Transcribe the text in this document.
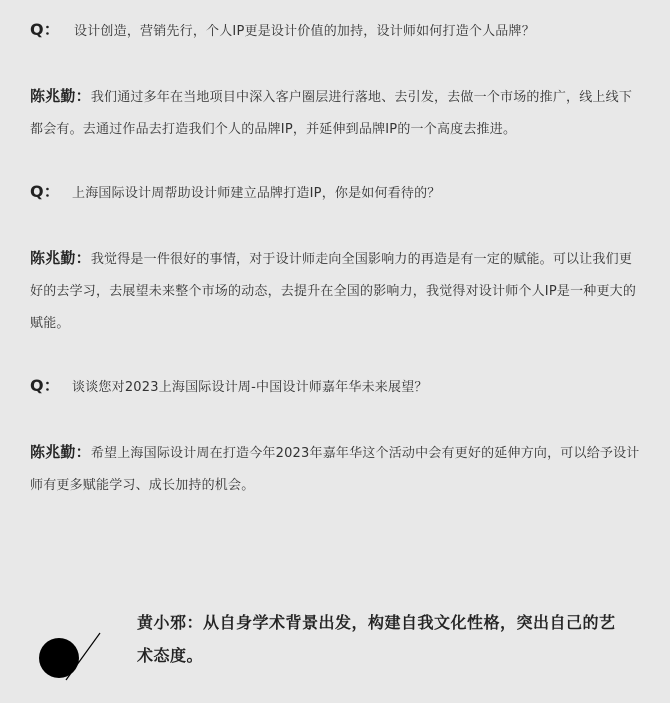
Q： 设计创造，营销先行，个人IP更是设计价值的加持，设计师如何打造个人品牌？
陈兆勤：我们通过多年在当地项目中深入客户圈层进行落地、去引发，去做一个市场的推广，线上线下都会有。去通过作品去打造我们个人的品牌IP，并延伸到品牌IP的一个高度去推进。
Q： 上海国际设计周帮助设计师建立品牌打造IP，你是如何看待的？
陈兆勤：我觉得是一件很好的事情，对于设计师走向全国影响力的再造是有一定的赋能。可以让我们更好的去学习，去展望未来整个市场的动态，去提升在全国的影响力，我觉得对设计师个人IP是一种更大的赋能。
Q： 谈谈您对2023上海国际设计周-中国设计师嘉年华未来展望？
陈兆勤：希望上海国际设计周在打造今年2023年嘉年华这个活动中会有更好的延伸方向，可以给予设计师有更多赋能学习、成长加持的机会。
黄小邪：从自身学术背景出发，构建自我文化性格，突出自己的艺术态度。
